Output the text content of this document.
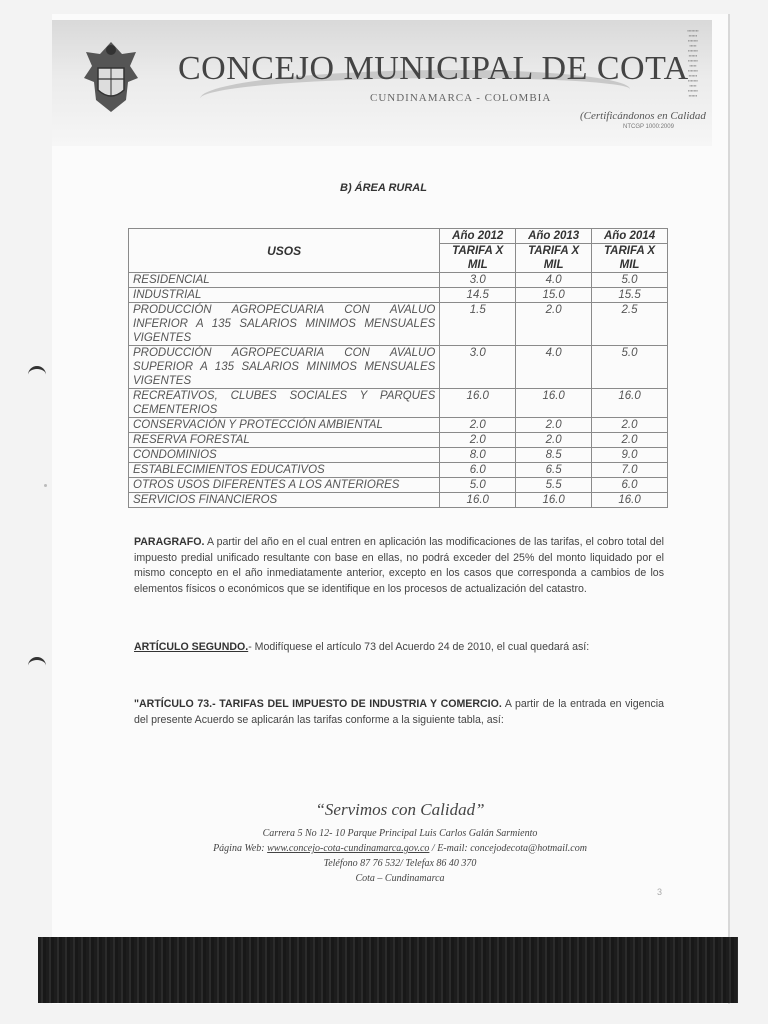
CONCEJO MUNICIPAL DE COTA
CUNDINAMARCA - COLOMBIA
(Certificándonos en Calidad
NTCGP 1000:2009
▪▪▪▪▪▪▪▪
▪▪▪▪▪▪
▪▪▪▪▪▪▪
▪▪▪▪▪
▪▪▪▪▪▪▪
▪▪▪▪▪▪
▪▪▪▪▪▪▪
▪▪▪▪▪
▪▪▪▪▪▪▪
▪▪▪▪▪▪
▪▪▪▪▪▪▪
▪▪▪▪▪
▪▪▪▪▪▪▪
▪▪▪▪▪▪
B) ÁREA RURAL
USOS	Año 2012	Año 2013	Año 2014
	TARIFA X MIL	TARIFA X MIL	TARIFA X MIL
RESIDENCIAL	3.0	4.0	5.0
INDUSTRIAL	14.5	15.0	15.5
PRODUCCIÓN AGROPECUARIA CON AVALUO INFERIOR A 135 SALARIOS MINIMOS MENSUALES VIGENTES	1.5	2.0	2.5
PRODUCCIÓN AGROPECUARIA CON AVALUO SUPERIOR A 135 SALARIOS MINIMOS MENSUALES VIGENTES	3.0	4.0	5.0
RECREATIVOS, CLUBES SOCIALES Y PARQUES CEMENTERIOS	16.0	16.0	16.0
CONSERVACIÓN Y PROTECCIÓN AMBIENTAL	2.0	2.0	2.0
RESERVA FORESTAL	2.0	2.0	2.0
CONDOMINIOS	8.0	8.5	9.0
ESTABLECIMIENTOS EDUCATIVOS	6.0	6.5	7.0
OTROS USOS DIFERENTES A LOS ANTERIORES	5.0	5.5	6.0
SERVICIOS FINANCIEROS	16.0	16.0	16.0
PARAGRAFO. A partir del año en el cual entren en aplicación las modificaciones de las tarifas, el cobro total del impuesto predial unificado resultante con base en ellas, no podrá exceder del 25% del monto liquidado por el mismo concepto en el año inmediatamente anterior, excepto en los casos que corresponda a cambios de los elementos físicos o económicos que se identifique en los procesos de actualización del catastro.
ARTÍCULO SEGUNDO.- Modifíquese el artículo 73 del Acuerdo 24 de 2010, el cual quedará así:
"ARTÍCULO 73.- TARIFAS DEL IMPUESTO DE INDUSTRIA Y COMERCIO. A partir de la entrada en vigencia del presente Acuerdo se aplicarán las tarifas conforme a la siguiente tabla, así:
“Servimos con Calidad”
Carrera 5 No 12- 10 Parque Principal Luis Carlos Galán Sarmiento
Página Web: www.concejo-cota-cundinamarca.gov.co / E-mail: concejodecota@hotmail.com
Teléfono 87 76 532/ Telefax 86 40 370
Cota – Cundinamarca
3
